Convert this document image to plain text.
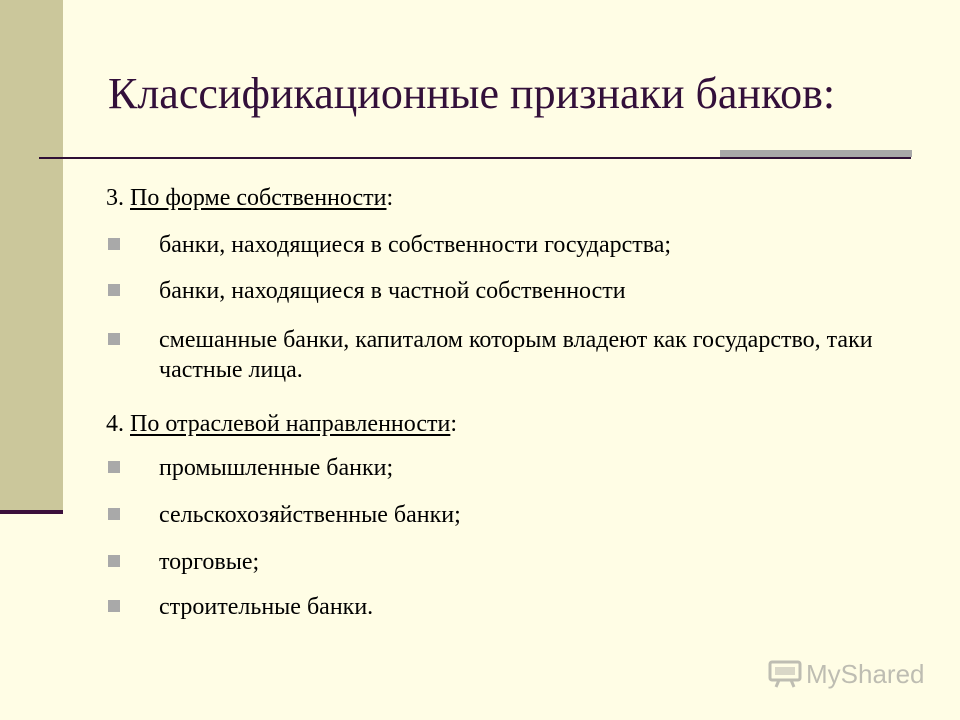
Классификационные признаки банков:
3. По форме собственности:
банки, находящиеся в собственности государства;
банки, находящиеся в частной собственности
смешанные банки, капиталом которым владеют как государство, таки частные лица.
4. По отраслевой направленности:
промышленные банки;
сельскохозяйственные банки;
торговые;
строительные банки.
MyShared
